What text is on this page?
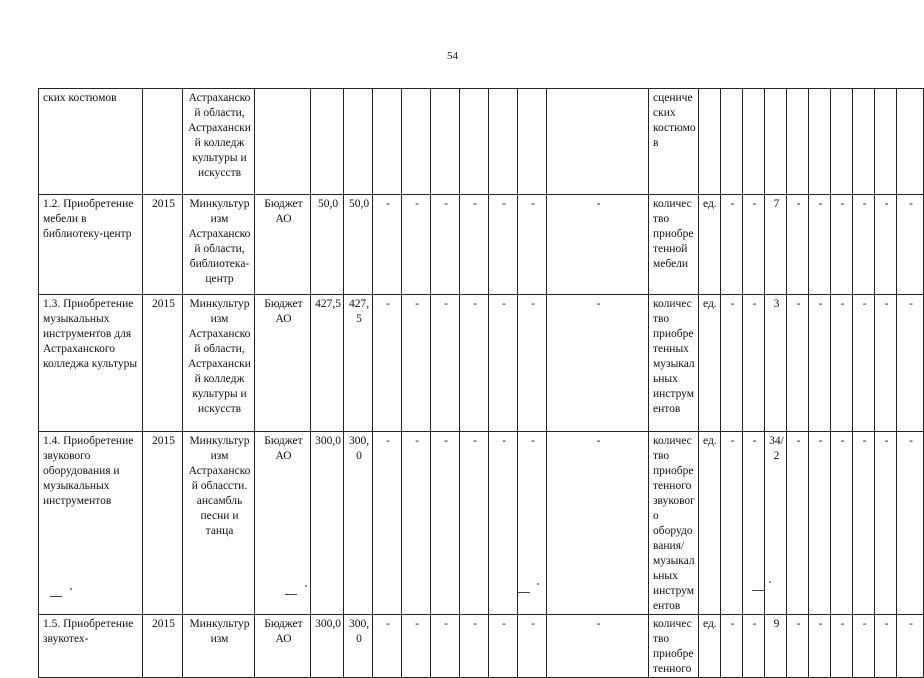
54
ских костюмов		Астраханской области, Астраханский колледж культуры и искусств											сценических костюмов												
1.2. Приобретение мебели в библиотеку-центр	2015	Минкультуризм Астраханской области, библиотека-центр	Бюджет АО	50,0	50,0	-	-	-	-	-	-	-	количество приобретенной мебели	ед.	-	-	7	-	-	-	-	-	-		
1.3. Приобретение музыкальных инструментов для Астраханского колледжа культуры	2015	Минкультуризм Астраханской области, Астраханский колледж культуры и искусств	Бюджет АО	427,5	427,5	-	-	-	-	-	-	-	количество приобретенных музыкальных инструментов	ед.	-	-	3	-	-	-	-	-	-		
1.4. Приобретение звукового оборудования и музыкальных инструментов	2015	Минкультуризм Астраханской обласcти. ансамбль песни и танца	Бюджет АО	300,0	300,0	-	-	-	-	-	-	-	количество приобретенного звукового оборудования/ музыкальных инструментов	ед.	-	-	34/2	-	-	-	-	-	-		
1.5. Приобретение звукотех-	2015	Минкультуризм	Бюджет АО	300,0	300,0	-	-	-	-	-	-	-	количество приобретенного	ед.	-	-	9	-	-	-	-	-	-		
